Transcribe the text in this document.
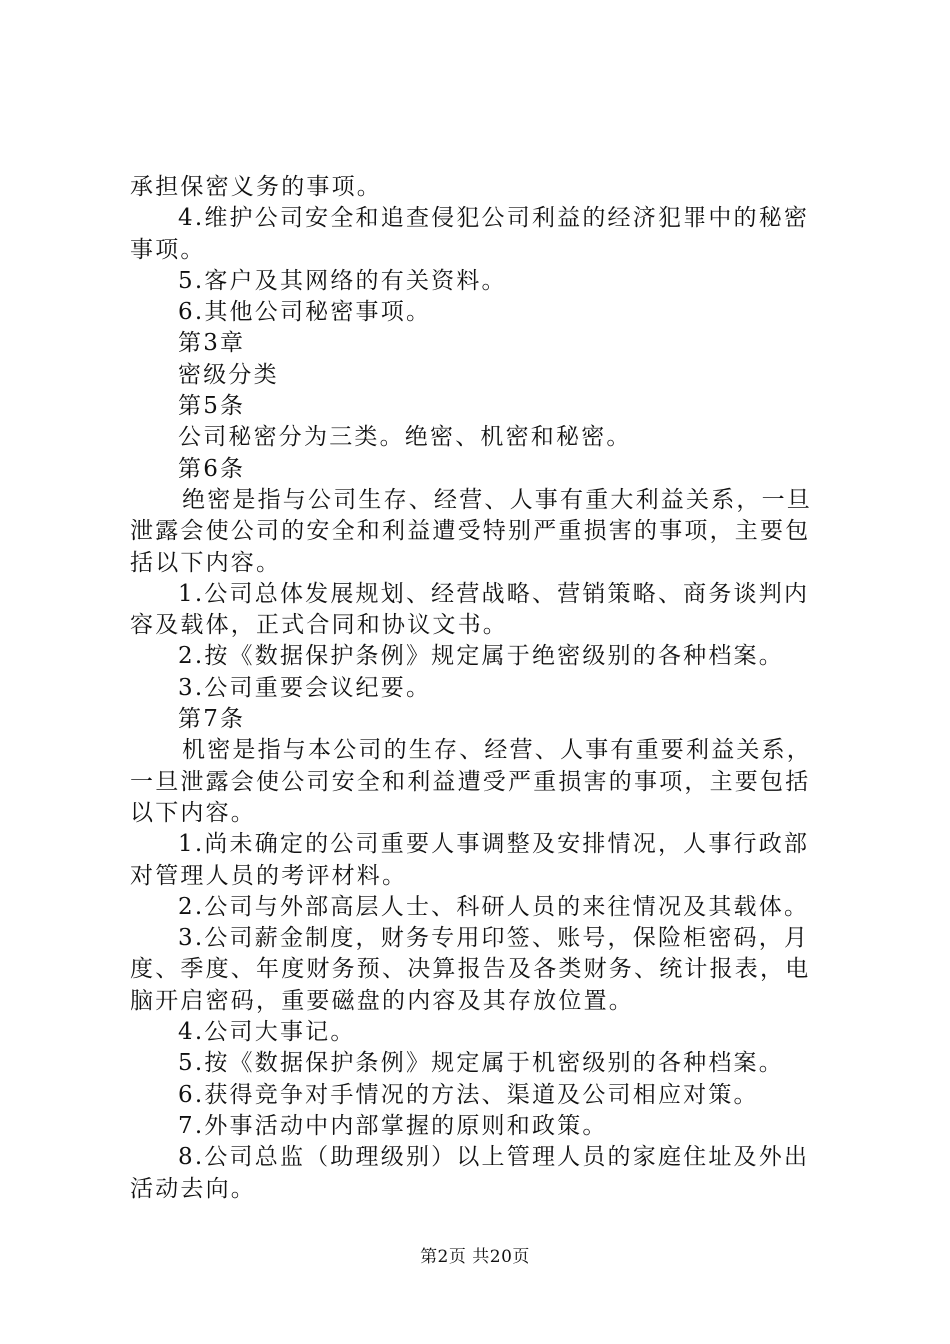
承担保密义务的事项。
4.维护公司安全和追查侵犯公司利益的经济犯罪中的秘密
事项。
5.客户及其网络的有关资料。
6.其他公司秘密事项。
第3章
密级分类
第5条
公司秘密分为三类。绝密、机密和秘密。
第6条
绝密是指与公司生存、经营、人事有重大利益关系，一旦
泄露会使公司的安全和利益遭受特别严重损害的事项，主要包
括以下内容。
1.公司总体发展规划、经营战略、营销策略、商务谈判内
容及载体，正式合同和协议文书。
2.按《数据保护条例》规定属于绝密级别的各种档案。
3.公司重要会议纪要。
第7条
机密是指与本公司的生存、经营、人事有重要利益关系，
一旦泄露会使公司安全和利益遭受严重损害的事项，主要包括
以下内容。
1.尚未确定的公司重要人事调整及安排情况，人事行政部
对管理人员的考评材料。
2.公司与外部高层人士、科研人员的来往情况及其载体。
3.公司薪金制度，财务专用印签、账号，保险柜密码，月
度、季度、年度财务预、决算报告及各类财务、统计报表，电
脑开启密码，重要磁盘的内容及其存放位置。
4.公司大事记。
5.按《数据保护条例》规定属于机密级别的各种档案。
6.获得竞争对手情况的方法、渠道及公司相应对策。
7.外事活动中内部掌握的原则和政策。
8.公司总监（助理级别）以上管理人员的家庭住址及外出
活动去向。
第2页 共20页
